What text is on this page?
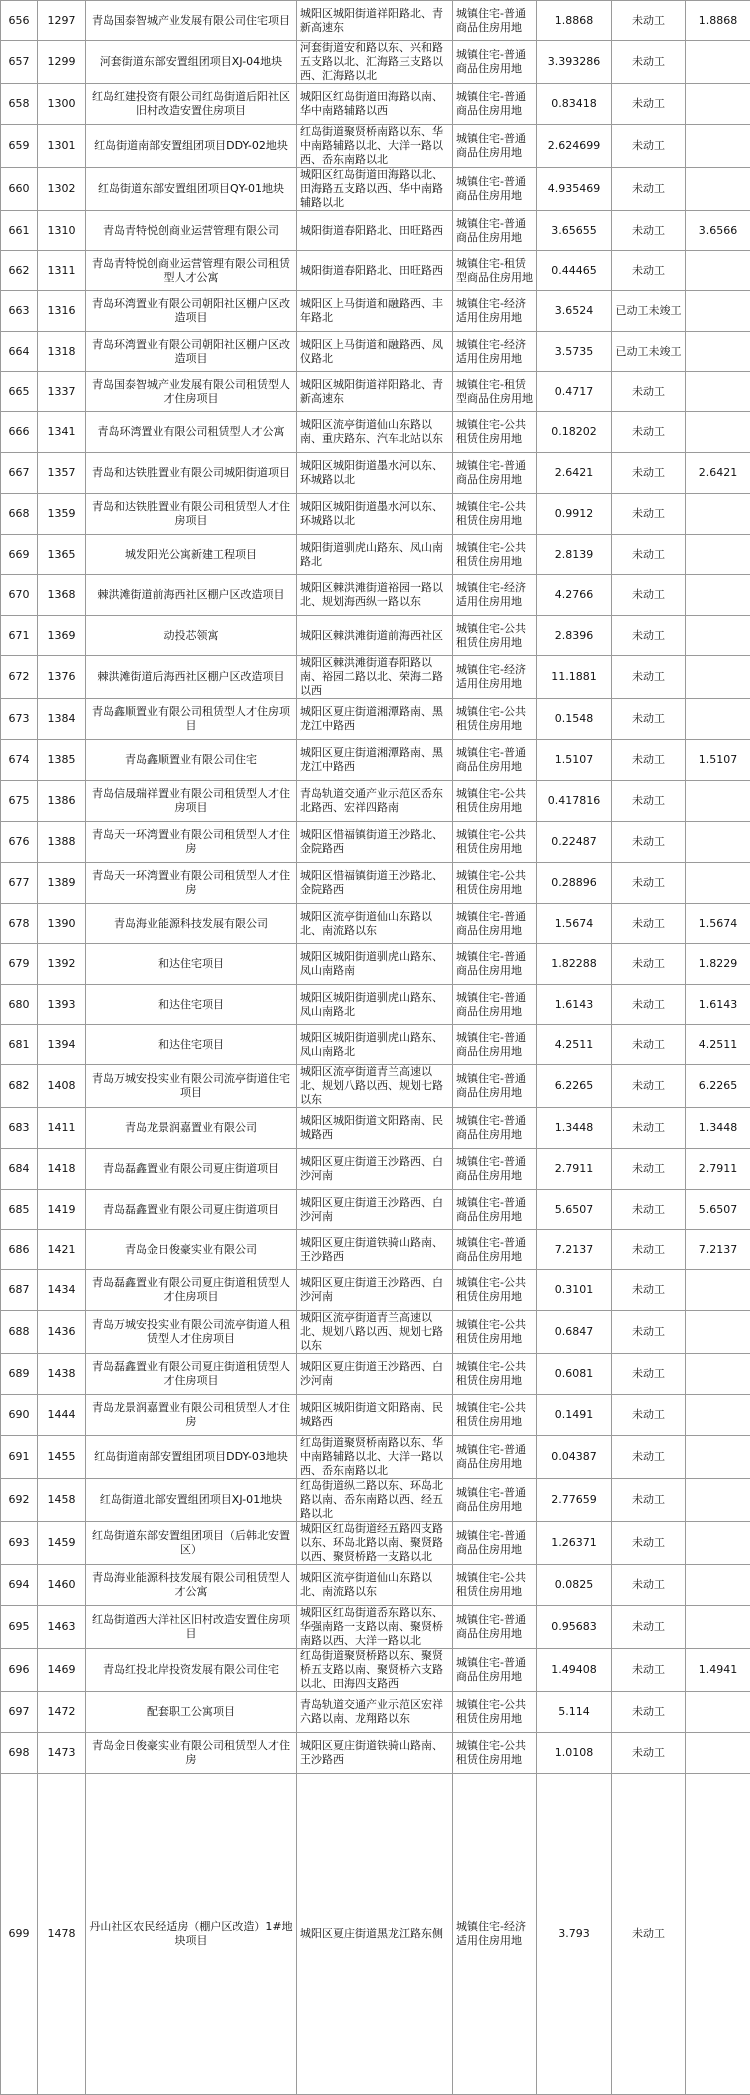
656	1297	青岛国泰智城产业发展有限公司住宅项目	城阳区城阳街道祥阳路北、青新高速东	城镇住宅-普通商品住房用地	1.8868	未动工	1.8868
657	1299	河套街道东部安置组团项目XJ-04地块	河套街道安和路以东、兴和路五支路以北、汇海路三支路以西、汇海路以北	城镇住宅-普通商品住房用地	3.393286	未动工	
658	1300	红岛红建投资有限公司红岛街道后阳社区旧村改造安置住房项目	城阳区红岛街道田海路以南、华中南路辅路以西	城镇住宅-普通商品住房用地	0.83418	未动工	
659	1301	红岛街道南部安置组团项目DDY-02地块	红岛街道聚贤桥南路以东、华中南路辅路以北、大洋一路以西、岙东南路以北	城镇住宅-普通商品住房用地	2.624699	未动工	
660	1302	红岛街道东部安置组团项目QY-01地块	城阳区红岛街道田海路以北、田海路五支路以西、华中南路辅路以北	城镇住宅-普通商品住房用地	4.935469	未动工	
661	1310	青岛青特悦创商业运营管理有限公司	城阳街道春阳路北、田旺路西	城镇住宅-普通商品住房用地	3.65655	未动工	3.6566
662	1311	青岛青特悦创商业运营管理有限公司租赁型人才公寓	城阳街道春阳路北、田旺路西	城镇住宅-租赁型商品住房用地	0.44465	未动工	
663	1316	青岛环湾置业有限公司朝阳社区棚户区改造项目	城阳区上马街道和融路西、丰年路北	城镇住宅-经济适用住房用地	3.6524	已动工未竣工	
664	1318	青岛环湾置业有限公司朝阳社区棚户区改造项目	城阳区上马街道和融路西、凤仪路北	城镇住宅-经济适用住房用地	3.5735	已动工未竣工	
665	1337	青岛国泰智城产业发展有限公司租赁型人才住房项目	城阳区城阳街道祥阳路北、青新高速东	城镇住宅-租赁型商品住房用地	0.4717	未动工	
666	1341	青岛环湾置业有限公司租赁型人才公寓	城阳区流亭街道仙山东路以南、重庆路东、汽车北站以东	城镇住宅-公共租赁住房用地	0.18202	未动工	
667	1357	青岛和达铁胜置业有限公司城阳街道项目	城阳区城阳街道墨水河以东、环城路以北	城镇住宅-普通商品住房用地	2.6421	未动工	2.6421
668	1359	青岛和达铁胜置业有限公司租赁型人才住房项目	城阳区城阳街道墨水河以东、环城路以北	城镇住宅-公共租赁住房用地	0.9912	未动工	
669	1365	城发阳光公寓新建工程项目	城阳街道驯虎山路东、凤山南路北	城镇住宅-公共租赁住房用地	2.8139	未动工	
670	1368	棘洪滩街道前海西社区棚户区改造项目	城阳区棘洪滩街道裕园一路以北、规划海西纵一路以东	城镇住宅-经济适用住房用地	4.2766	未动工	
671	1369	动投芯领寓	城阳区棘洪滩街道前海西社区	城镇住宅-公共租赁住房用地	2.8396	未动工	
672	1376	棘洪滩街道后海西社区棚户区改造项目	城阳区棘洪滩街道春阳路以南、裕园二路以北、荣海二路以西	城镇住宅-经济适用住房用地	11.1881	未动工	
673	1384	青岛鑫顺置业有限公司租赁型人才住房项目	城阳区夏庄街道湘潭路南、黑龙江中路西	城镇住宅-公共租赁住房用地	0.1548	未动工	
674	1385	青岛鑫顺置业有限公司住宅	城阳区夏庄街道湘潭路南、黑龙江中路西	城镇住宅-普通商品住房用地	1.5107	未动工	1.5107
675	1386	青岛信晟瑞祥置业有限公司租赁型人才住房项目	青岛轨道交通产业示范区岙东北路西、宏祥四路南	城镇住宅-公共租赁住房用地	0.417816	未动工	
676	1388	青岛天一环湾置业有限公司租赁型人才住房	城阳区惜福镇街道王沙路北、金院路西	城镇住宅-公共租赁住房用地	0.22487	未动工	
677	1389	青岛天一环湾置业有限公司租赁型人才住房	城阳区惜福镇街道王沙路北、金院路西	城镇住宅-公共租赁住房用地	0.28896	未动工	
678	1390	青岛海业能源科技发展有限公司	城阳区流亭街道仙山东路以北、南流路以东	城镇住宅-普通商品住房用地	1.5674	未动工	1.5674
679	1392	和达住宅项目	城阳区城阳街道驯虎山路东、凤山南路南	城镇住宅-普通商品住房用地	1.82288	未动工	1.8229
680	1393	和达住宅项目	城阳区城阳街道驯虎山路东、凤山南路北	城镇住宅-普通商品住房用地	1.6143	未动工	1.6143
681	1394	和达住宅项目	城阳区城阳街道驯虎山路东、凤山南路北	城镇住宅-普通商品住房用地	4.2511	未动工	4.2511
682	1408	青岛万城安投实业有限公司流亭街道住宅项目	城阳区流亭街道青兰高速以北、规划八路以西、规划七路以东	城镇住宅-普通商品住房用地	6.2265	未动工	6.2265
683	1411	青岛龙景润嘉置业有限公司	城阳区城阳街道文阳路南、民城路西	城镇住宅-普通商品住房用地	1.3448	未动工	1.3448
684	1418	青岛磊鑫置业有限公司夏庄街道项目	城阳区夏庄街道王沙路西、白沙河南	城镇住宅-普通商品住房用地	2.7911	未动工	2.7911
685	1419	青岛磊鑫置业有限公司夏庄街道项目	城阳区夏庄街道王沙路西、白沙河南	城镇住宅-普通商品住房用地	5.6507	未动工	5.6507
686	1421	青岛金日俊豪实业有限公司	城阳区夏庄街道铁骑山路南、王沙路西	城镇住宅-普通商品住房用地	7.2137	未动工	7.2137
687	1434	青岛磊鑫置业有限公司夏庄街道租赁型人才住房项目	城阳区夏庄街道王沙路西、白沙河南	城镇住宅-公共租赁住房用地	0.3101	未动工	
688	1436	青岛万城安投实业有限公司流亭街道人租赁型人才住房项目	城阳区流亭街道青兰高速以北、规划八路以西、规划七路以东	城镇住宅-公共租赁住房用地	0.6847	未动工	
689	1438	青岛磊鑫置业有限公司夏庄街道租赁型人才住房项目	城阳区夏庄街道王沙路西、白沙河南	城镇住宅-公共租赁住房用地	0.6081	未动工	
690	1444	青岛龙景润嘉置业有限公司租赁型人才住房	城阳区城阳街道文阳路南、民城路西	城镇住宅-公共租赁住房用地	0.1491	未动工	
691	1455	红岛街道南部安置组团项目DDY-03地块	红岛街道聚贤桥南路以东、华中南路辅路以北、大洋一路以西、岙东南路以北	城镇住宅-普通商品住房用地	0.04387	未动工	
692	1458	红岛街道北部安置组团项目XJ-01地块	红岛街道纵二路以东、环岛北路以南、岙东南路以西、经五路以北	城镇住宅-普通商品住房用地	2.77659	未动工	
693	1459	红岛街道东部安置组团项目（后韩北安置区）	城阳区红岛街道经五路四支路以东、环岛北路以南、聚贤路以西、聚贤桥路一支路以北	城镇住宅-普通商品住房用地	1.26371	未动工	
694	1460	青岛海业能源科技发展有限公司租赁型人才公寓	城阳区流亭街道仙山东路以北、南流路以东	城镇住宅-公共租赁住房用地	0.0825	未动工	
695	1463	红岛街道西大洋社区旧村改造安置住房项目	城阳区红岛街道岙东路以东、华强南路一支路以南、聚贤桥南路以西、大洋一路以北	城镇住宅-普通商品住房用地	0.95683	未动工	
696	1469	青岛红投北岸投资发展有限公司住宅	红岛街道聚贤桥路以东、聚贤桥五支路以南、聚贤桥六支路以北、田海四支路西	城镇住宅-普通商品住房用地	1.49408	未动工	1.4941
697	1472	配套职工公寓项目	青岛轨道交通产业示范区宏祥六路以南、龙翔路以东	城镇住宅-公共租赁住房用地	5.114	未动工	
698	1473	青岛金日俊豪实业有限公司租赁型人才住房	城阳区夏庄街道铁骑山路南、王沙路西	城镇住宅-公共租赁住房用地	1.0108	未动工	
699	1478	丹山社区农民经适房（棚户区改造）1#地块项目	城阳区夏庄街道黑龙江路东侧	城镇住宅-经济适用住房用地	3.793	未动工	
